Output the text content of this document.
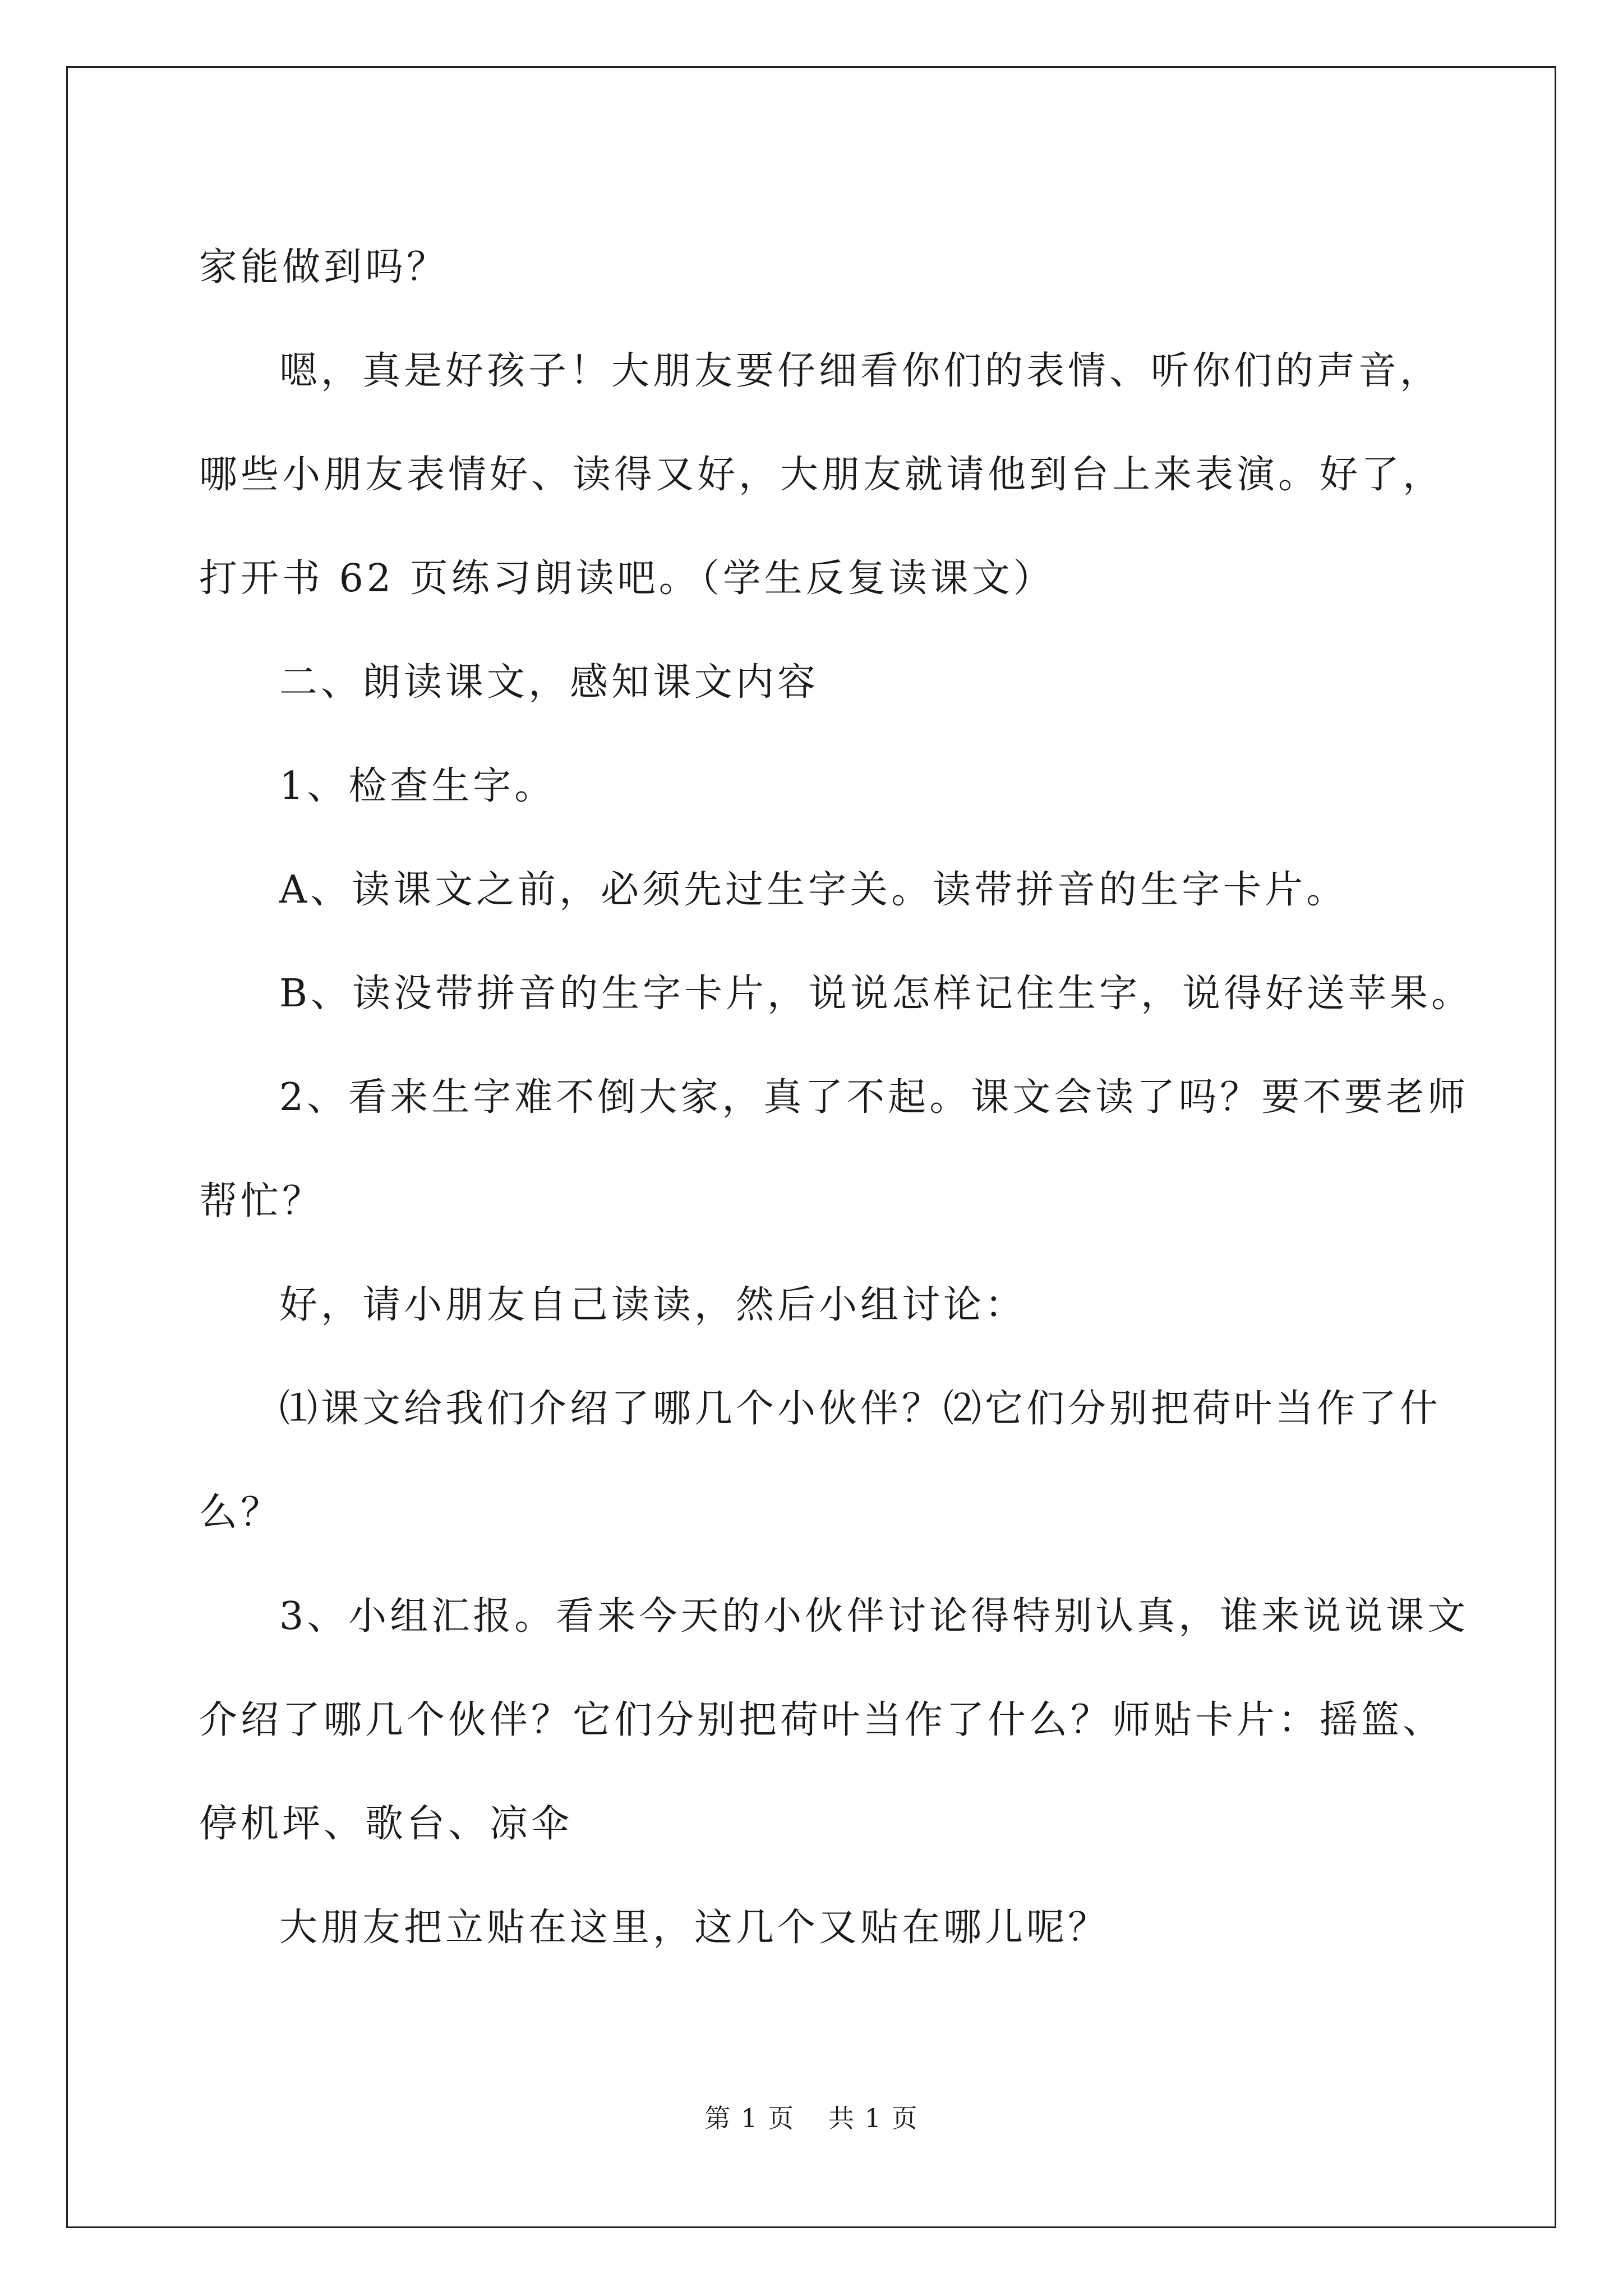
家能做到吗？

嗯，真是好孩子！大朋友要仔细看你们的表情、听你们的声音，

哪些小朋友表情好、读得又好，大朋友就请他到台上来表演。好了，

打开书 62 页练习朗读吧。（学生反复读课文）

二、朗读课文，感知课文内容

1、检查生字。

A、读课文之前，必须先过生字关。读带拼音的生字卡片。

B、读没带拼音的生字卡片，说说怎样记住生字，说得好送苹果。

2、看来生字难不倒大家，真了不起。课文会读了吗？要不要老师

帮忙？

好，请小朋友自己读读，然后小组讨论：

⑴课文给我们介绍了哪几个小伙伴？⑵它们分别把荷叶当作了什

么？

3、小组汇报。看来今天的小伙伴讨论得特别认真，谁来说说课文

介绍了哪几个伙伴？它们分别把荷叶当作了什么？师贴卡片：摇篮、

停机坪、歌台、凉伞

大朋友把立贴在这里，这几个又贴在哪儿呢？

第 1 页 共 1 页
